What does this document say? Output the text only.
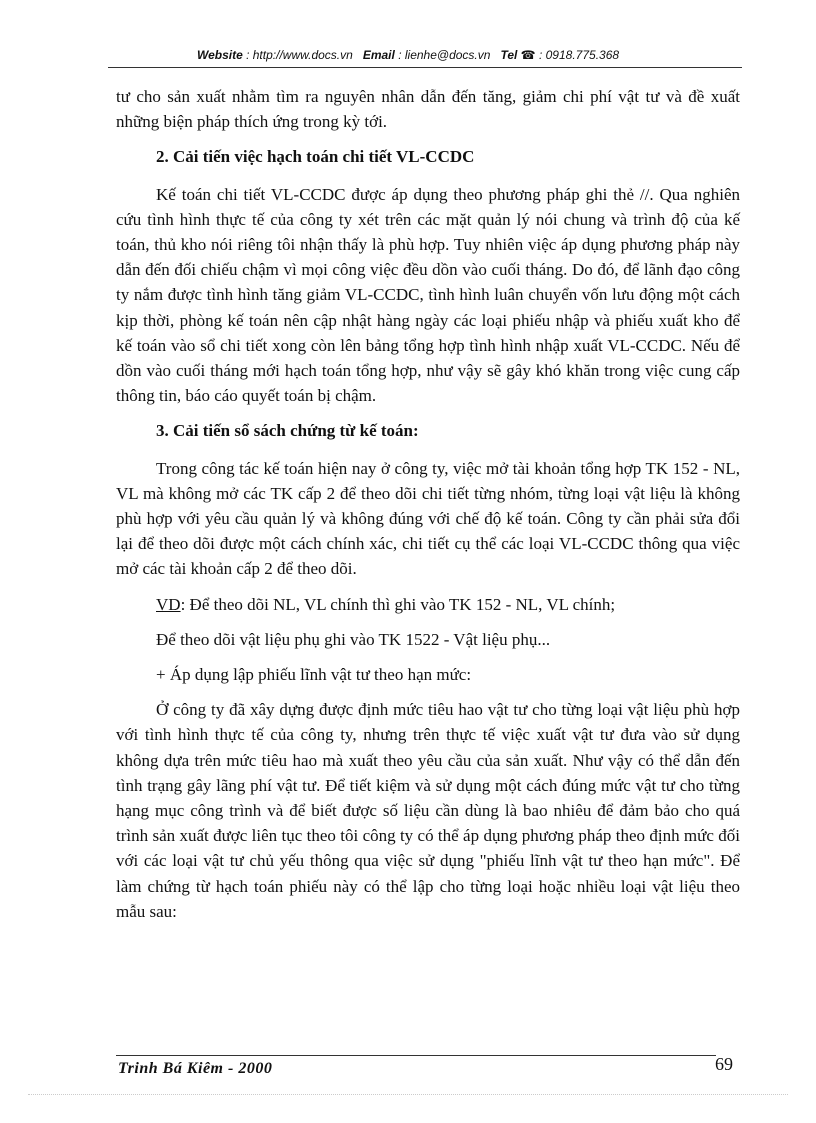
Website : http://www.docs.vn Email : lienhe@docs.vn Tel ☎ : 0918.775.368

tư cho sản xuất nhằm tìm ra nguyên nhân dẫn đến tăng, giảm chi phí vật tư và đề xuất những biện pháp thích ứng trong kỳ tới.

2. Cải tiến việc hạch toán chi tiết VL-CCDC

Kế toán chi tiết VL-CCDC được áp dụng theo phương pháp ghi thẻ //. Qua nghiên cứu tình hình thực tế của công ty xét trên các mặt quản lý nói chung và trình độ của kế toán, thủ kho nói riêng tôi nhận thấy là phù hợp. Tuy nhiên việc áp dụng phương pháp này dẫn đến đối chiếu chậm vì mọi công việc đều dồn vào cuối tháng. Do đó, để lãnh đạo công ty nắm được tình hình tăng giảm VL-CCDC, tình hình luân chuyển vốn lưu động một cách kịp thời, phòng kế toán nên cập nhật hàng ngày các loại phiếu nhập và phiếu xuất kho để kế toán vào sổ chi tiết xong còn lên bảng tổng hợp tình hình nhập xuất VL-CCDC. Nếu để dồn vào cuối tháng mới hạch toán tổng hợp, như vậy sẽ gây khó khăn trong việc cung cấp thông tin, báo cáo quyết toán bị chậm.

3. Cải tiến sổ sách chứng từ kế toán:

Trong công tác kế toán hiện nay ở công ty, việc mở tài khoản tổng hợp TK 152 - NL, VL mà không mở các TK cấp 2 để theo dõi chi tiết từng nhóm, từng loại vật liệu là không phù hợp với yêu cầu quản lý và không đúng với chế độ kế toán. Công ty cần phải sửa đổi lại để theo dõi được một cách chính xác, chi tiết cụ thể các loại VL-CCDC thông qua việc mở các tài khoản cấp 2 để theo dõi.

VD: Để theo dõi NL, VL chính thì ghi vào TK 152 - NL, VL chính;

Để theo dõi vật liệu phụ ghi vào TK 1522 - Vật liệu phụ...

+ Áp dụng lập phiếu lĩnh vật tư theo hạn mức:

Ở công ty đã xây dựng được định mức tiêu hao vật tư cho từng loại vật liệu phù hợp với tình hình thực tế của công ty, nhưng trên thực tế việc xuất vật tư đưa vào sử dụng không dựa trên mức tiêu hao mà xuất theo yêu cầu của sản xuất. Như vậy có thể dẫn đến tình trạng gây lãng phí vật tư. Để tiết kiệm và sử dụng một cách đúng mức vật tư cho từng hạng mục công trình và để biết được số liệu cần dùng là bao nhiêu để đảm bảo cho quá trình sản xuất được liên tục theo tôi công ty có thể áp dụng phương pháp theo định mức đối với các loại vật tư chủ yếu thông qua việc sử dụng "phiếu lĩnh vật tư theo hạn mức". Để làm chứng từ hạch toán phiếu này có thể lập cho từng loại hoặc nhiều loại vật liệu theo mẫu sau:

Trinh Bá Kiêm - 2000	69
